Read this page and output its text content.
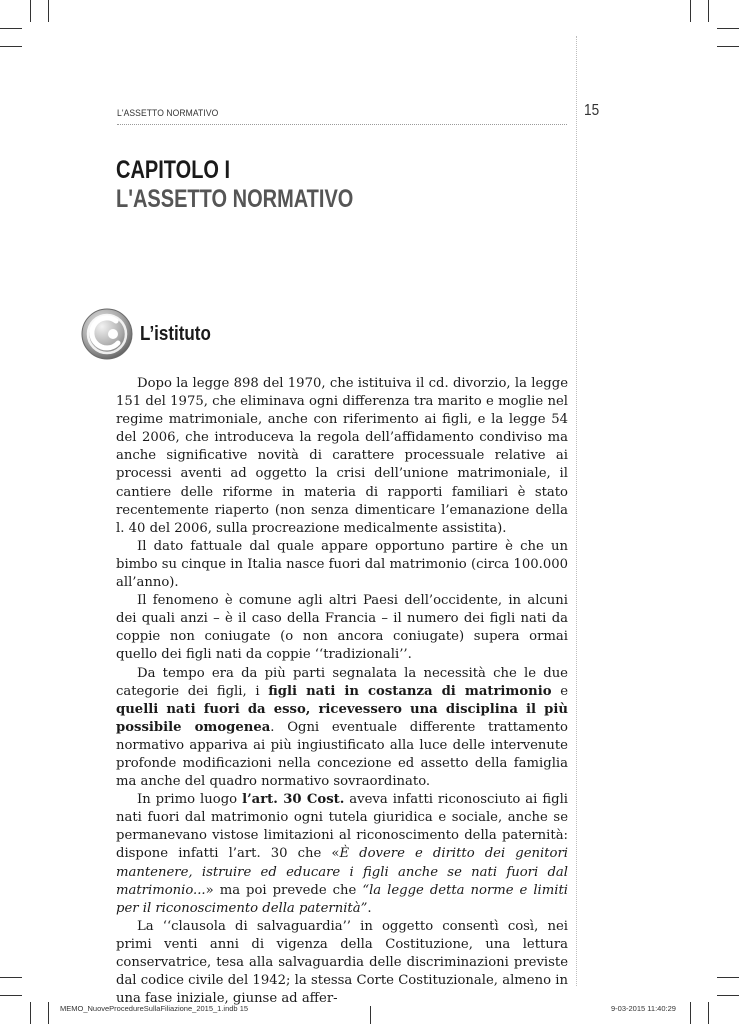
L'ASSETTO NORMATIVO	15
CAPITOLO I
L'ASSETTO NORMATIVO
L’istituto

Dopo la legge 898 del 1970, che istituiva il cd. divorzio, la legge 151 del 1975, che eliminava ogni differenza tra marito e moglie nel regime matrimoniale, anche con riferimento ai figli, e la legge 54 del 2006, che introduceva la regola dell’affidamento condiviso ma anche significative novità di carattere processuale relative ai processi aventi ad oggetto la crisi dell’unione matrimoniale, il cantiere delle riforme in materia di rapporti familiari è stato recentemente riaperto (non senza dimenticare l’emanazione della l. 40 del 2006, sulla procreazione medicalmente assistita).

Il dato fattuale dal quale appare opportuno partire è che un bimbo su cinque in Italia nasce fuori dal matrimonio (circa 100.000 all’anno).

Il fenomeno è comune agli altri Paesi dell’occidente, in alcuni dei quali anzi – è il caso della Francia – il numero dei figli nati da coppie non coniugate (o non ancora coniugate) supera ormai quello dei figli nati da coppie ‘‘tradizionali’’.

Da tempo era da più parti segnalata la necessità che le due categorie dei figli, i figli nati in costanza di matrimonio e quelli nati fuori da esso, ricevessero una disciplina il più possibile omogenea. Ogni eventuale differente trattamento normativo appariva ai più ingiustificato alla luce delle intervenute profonde modificazioni nella concezione ed assetto della famiglia ma anche del quadro normativo sovraordinato.

In primo luogo l’art. 30 Cost. aveva infatti riconosciuto ai figli nati fuori dal matrimonio ogni tutela giuridica e sociale, anche se permanevano vistose limitazioni al riconoscimento della paternità: dispone infatti l’art. 30 che «È dovere e diritto dei genitori mantenere, istruire ed educare i figli anche se nati fuori dal matrimonio...» ma poi prevede che “la legge detta norme e limiti per il riconoscimento della paternità”.

La ‘‘clausola di salvaguardia’’ in oggetto consentì così, nei primi venti anni di vigenza della Costituzione, una lettura conservatrice, tesa alla salvaguardia delle discriminazioni previste dal codice civile del 1942; la stessa Corte Costituzionale, almeno in una fase iniziale, giunse ad affer-

MEMO_NuoveProcedureSullaFiliazione_2015_1.indb 15	9-03-2015 11:40:29
